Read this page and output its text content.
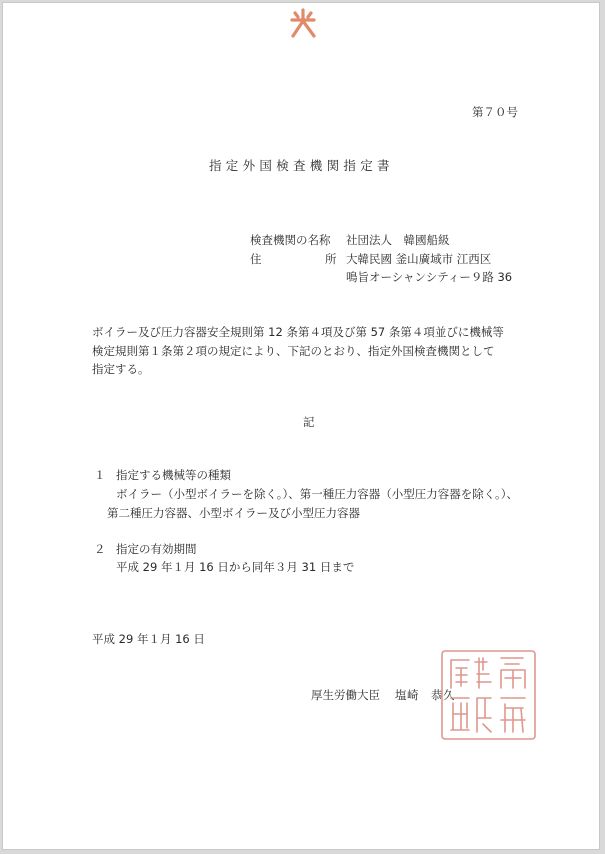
第７０号
指定外国検査機関指定書
検査機関の名称 社団法人　韓國船級
住	所 大韓民國 釜山廣域市 江西区
鳴旨オーシャンシティー９路 36
ボイラー及び圧力容器安全規則第 12 条第４項及び第 57 条第４項並びに機械等
検定規則第１条第２項の規定により、下記のとおり、指定外国検査機関として
指定する。
記
１ 指定する機械等の種類
ボイラー（小型ボイラーを除く。）、第一種圧力容器（小型圧力容器を除く。）、
第二種圧力容器、小型ボイラー及び小型圧力容器
２ 指定の有効期間
平成 29 年１月 16 日から同年３月 31 日まで
平成 29 年１月 16 日
厚生労働大臣 塩崎　恭久
